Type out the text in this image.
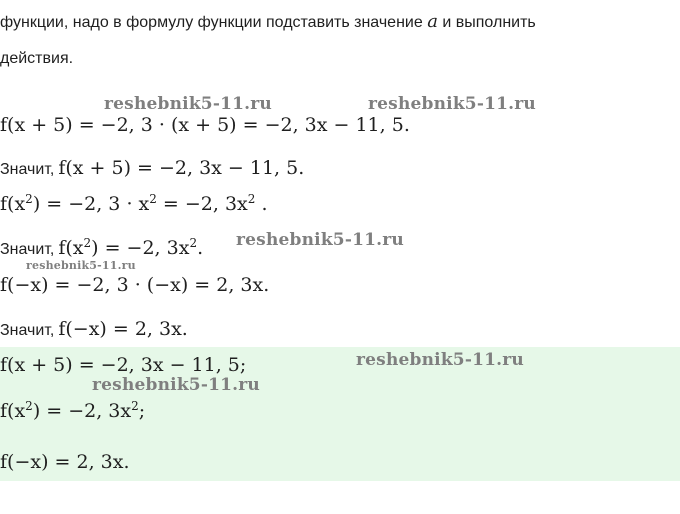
функции, надо в формулу функции подставить значение a и выполнить
действия.
f(x + 5) = −2, 3 · (x + 5) = −2, 3x − 11, 5.
Значит, f(x + 5) = −2, 3x − 11, 5.
$f(x^2) = -2$, $3 \cdot x^2 = -2$, $3x^2$ .
Значит, $f(x^2) = -2$, $3x^2$.
f(−x) = −2, 3 · (−x) = 2, 3x.
Значит, f(−x) = 2, 3x.
f(x + 5) = −2, 3x − 11, 5;
$f(x^2) = -2$, $3x^2$;
f(−x) = 2, 3x.
reshebnik5-11.ru	reshebnik5-11.ru
reshebnik5-11.ru
reshebnik5-11.ru
reshebnik5-11.ru
reshebnik5-11.ru
